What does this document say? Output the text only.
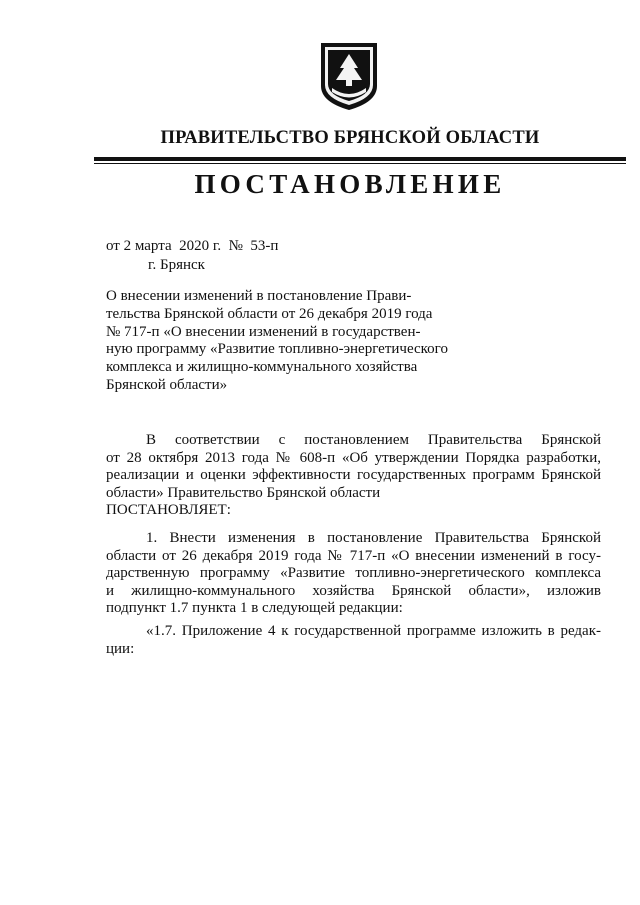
ПРАВИТЕЛЬСТВО БРЯНСКОЙ ОБЛАСТИ
ПОСТАНОВЛЕНИЕ
от 2 марта  2020 г.  №  53-п
г. Брянск
О внесении изменений в постановление Прави-
тельства Брянской области от 26 декабря 2019 года
№ 717-п «О внесении изменений в государствен-
ную программу «Развитие топливно-энергетического
комплекса и жилищно-коммунального хозяйства
Брянской области»
В соответствии с постановлением Правительства Брянской
от 28 октября 2013 года № 608-п «Об утверждении Порядка разработки,
реализации и оценки эффективности государственных программ Брянской
области» Правительство Брянской области
ПОСТАНОВЛЯЕТ:
1. Внести изменения в постановление Правительства Брянской
области от 26 декабря 2019 года № 717-п «О внесении изменений в госу-
дарственную программу «Развитие топливно-энергетического комплекса
и жилищно-коммунального хозяйства Брянской области», изложив
подпункт 1.7 пункта 1 в следующей редакции:
«1.7. Приложение 4 к государственной программе изложить в редак-
ции:
